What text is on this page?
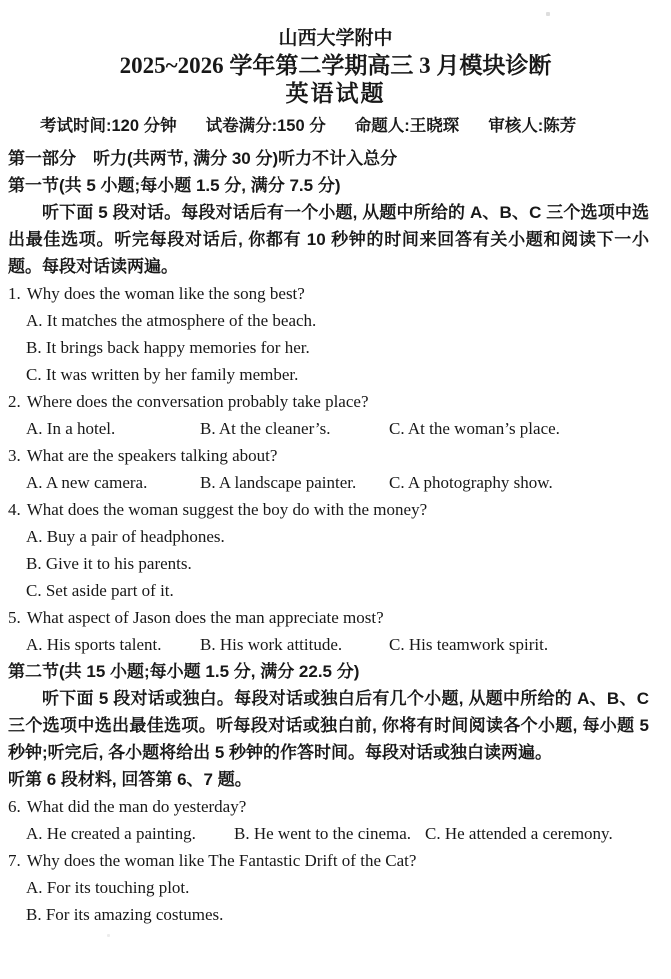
山西大学附中
2025~2026 学年第二学期高三 3 月模块诊断
英语试题
考试时间:120 分钟 试卷满分:150 分 命题人:王晓琛 审核人:陈芳

第一部分　听力(共两节, 满分 30 分)听力不计入总分

第一节(共 5 小题;每小题 1.5 分, 满分 7.5 分)

听下面 5 段对话。每段对话后有一个小题, 从题中所给的 A、B、C 三个选项中选出最佳选项。听完每段对话后, 你都有 10 秒钟的时间来回答有关小题和阅读下一小题。每段对话读两遍。

1. Why does the woman like the song best?

A. It matches the atmosphere of the beach.

B. It brings back happy memories for her.

C. It was written by her family member.

2. Where does the conversation probably take place?

A. In a hotel.	B. At the cleaner’s.	C. At the woman’s place.

3. What are the speakers talking about?

A. A new camera.	B. A landscape painter.	C. A photography show.

4. What does the woman suggest the boy do with the money?

A. Buy a pair of headphones.

B. Give it to his parents.

C. Set aside part of it.

5. What aspect of Jason does the man appreciate most?

A. His sports talent.	B. His work attitude.	C. His teamwork spirit.

第二节(共 15 小题;每小题 1.5 分, 满分 22.5 分)

听下面 5 段对话或独白。每段对话或独白后有几个小题, 从题中所给的 A、B、C 三个选项中选出最佳选项。听每段对话或独白前, 你将有时间阅读各个小题, 每小题 5 秒钟;听完后, 各小题将给出 5 秒钟的作答时间。每段对话或独白读两遍。

听第 6 段材料, 回答第 6、7 题。

6. What did the man do yesterday?

A. He created a painting.	B. He went to the cinema. C. He attended a ceremony.

7. Why does the woman like The Fantastic Drift of the Cat?

A. For its touching plot.

B. For its amazing costumes.
